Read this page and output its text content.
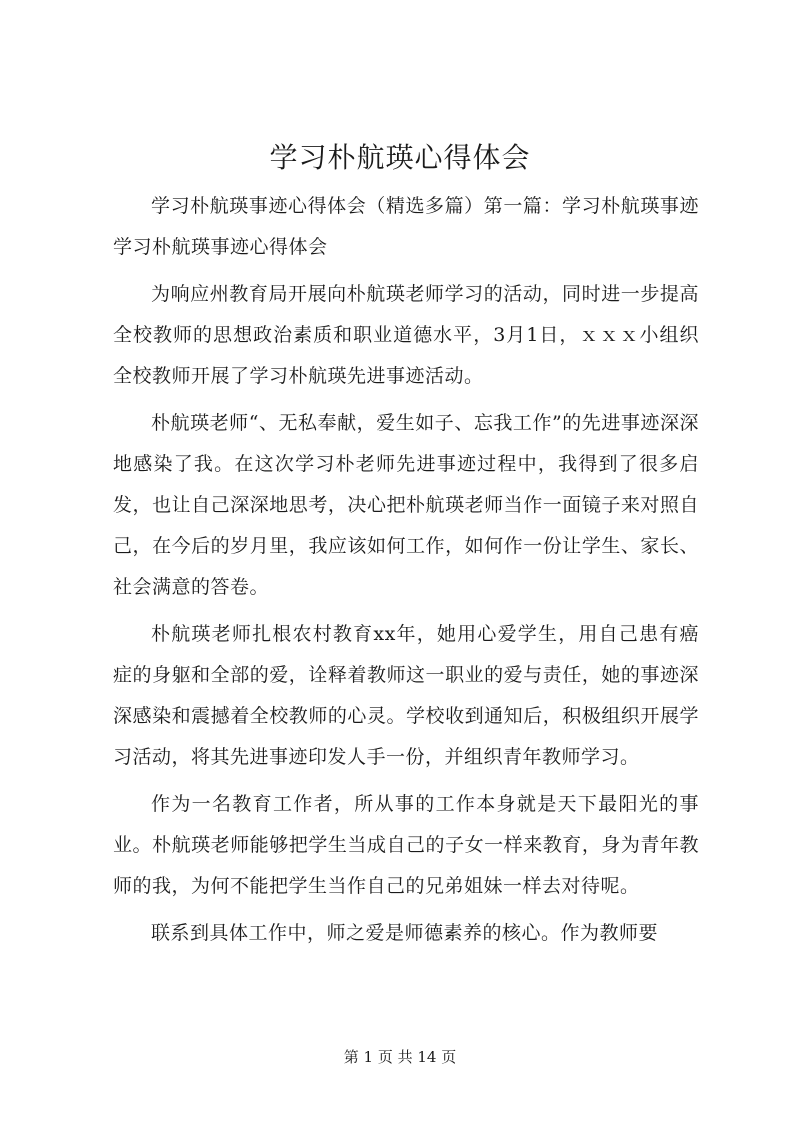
学习朴航瑛心得体会

学习朴航瑛事迹心得体会（精选多篇）第一篇：学习朴航瑛事迹学习朴航瑛事迹心得体会

为响应州教育局开展向朴航瑛老师学习的活动，同时进一步提高全校教师的思想政治素质和职业道德水平，3月1日，ｘｘｘ小组织全校教师开展了学习朴航瑛先进事迹活动。

朴航瑛老师“、无私奉献，爱生如子、忘我工作”的先进事迹深深地感染了我。在这次学习朴老师先进事迹过程中，我得到了很多启发，也让自己深深地思考，决心把朴航瑛老师当作一面镜子来对照自己，在今后的岁月里，我应该如何工作，如何作一份让学生、家长、社会满意的答卷。

朴航瑛老师扎根农村教育xx年，她用心爱学生，用自己患有癌症的身躯和全部的爱，诠释着教师这一职业的爱与责任，她的事迹深深感染和震撼着全校教师的心灵。学校收到通知后，积极组织开展学习活动，将其先进事迹印发人手一份，并组织青年教师学习。

作为一名教育工作者，所从事的工作本身就是天下最阳光的事业。朴航瑛老师能够把学生当成自己的子女一样来教育，身为青年教师的我，为何不能把学生当作自己的兄弟姐妹一样去对待呢。

联系到具体工作中，师之爱是师德素养的核心。作为教师要

第 1 页 共 14 页
